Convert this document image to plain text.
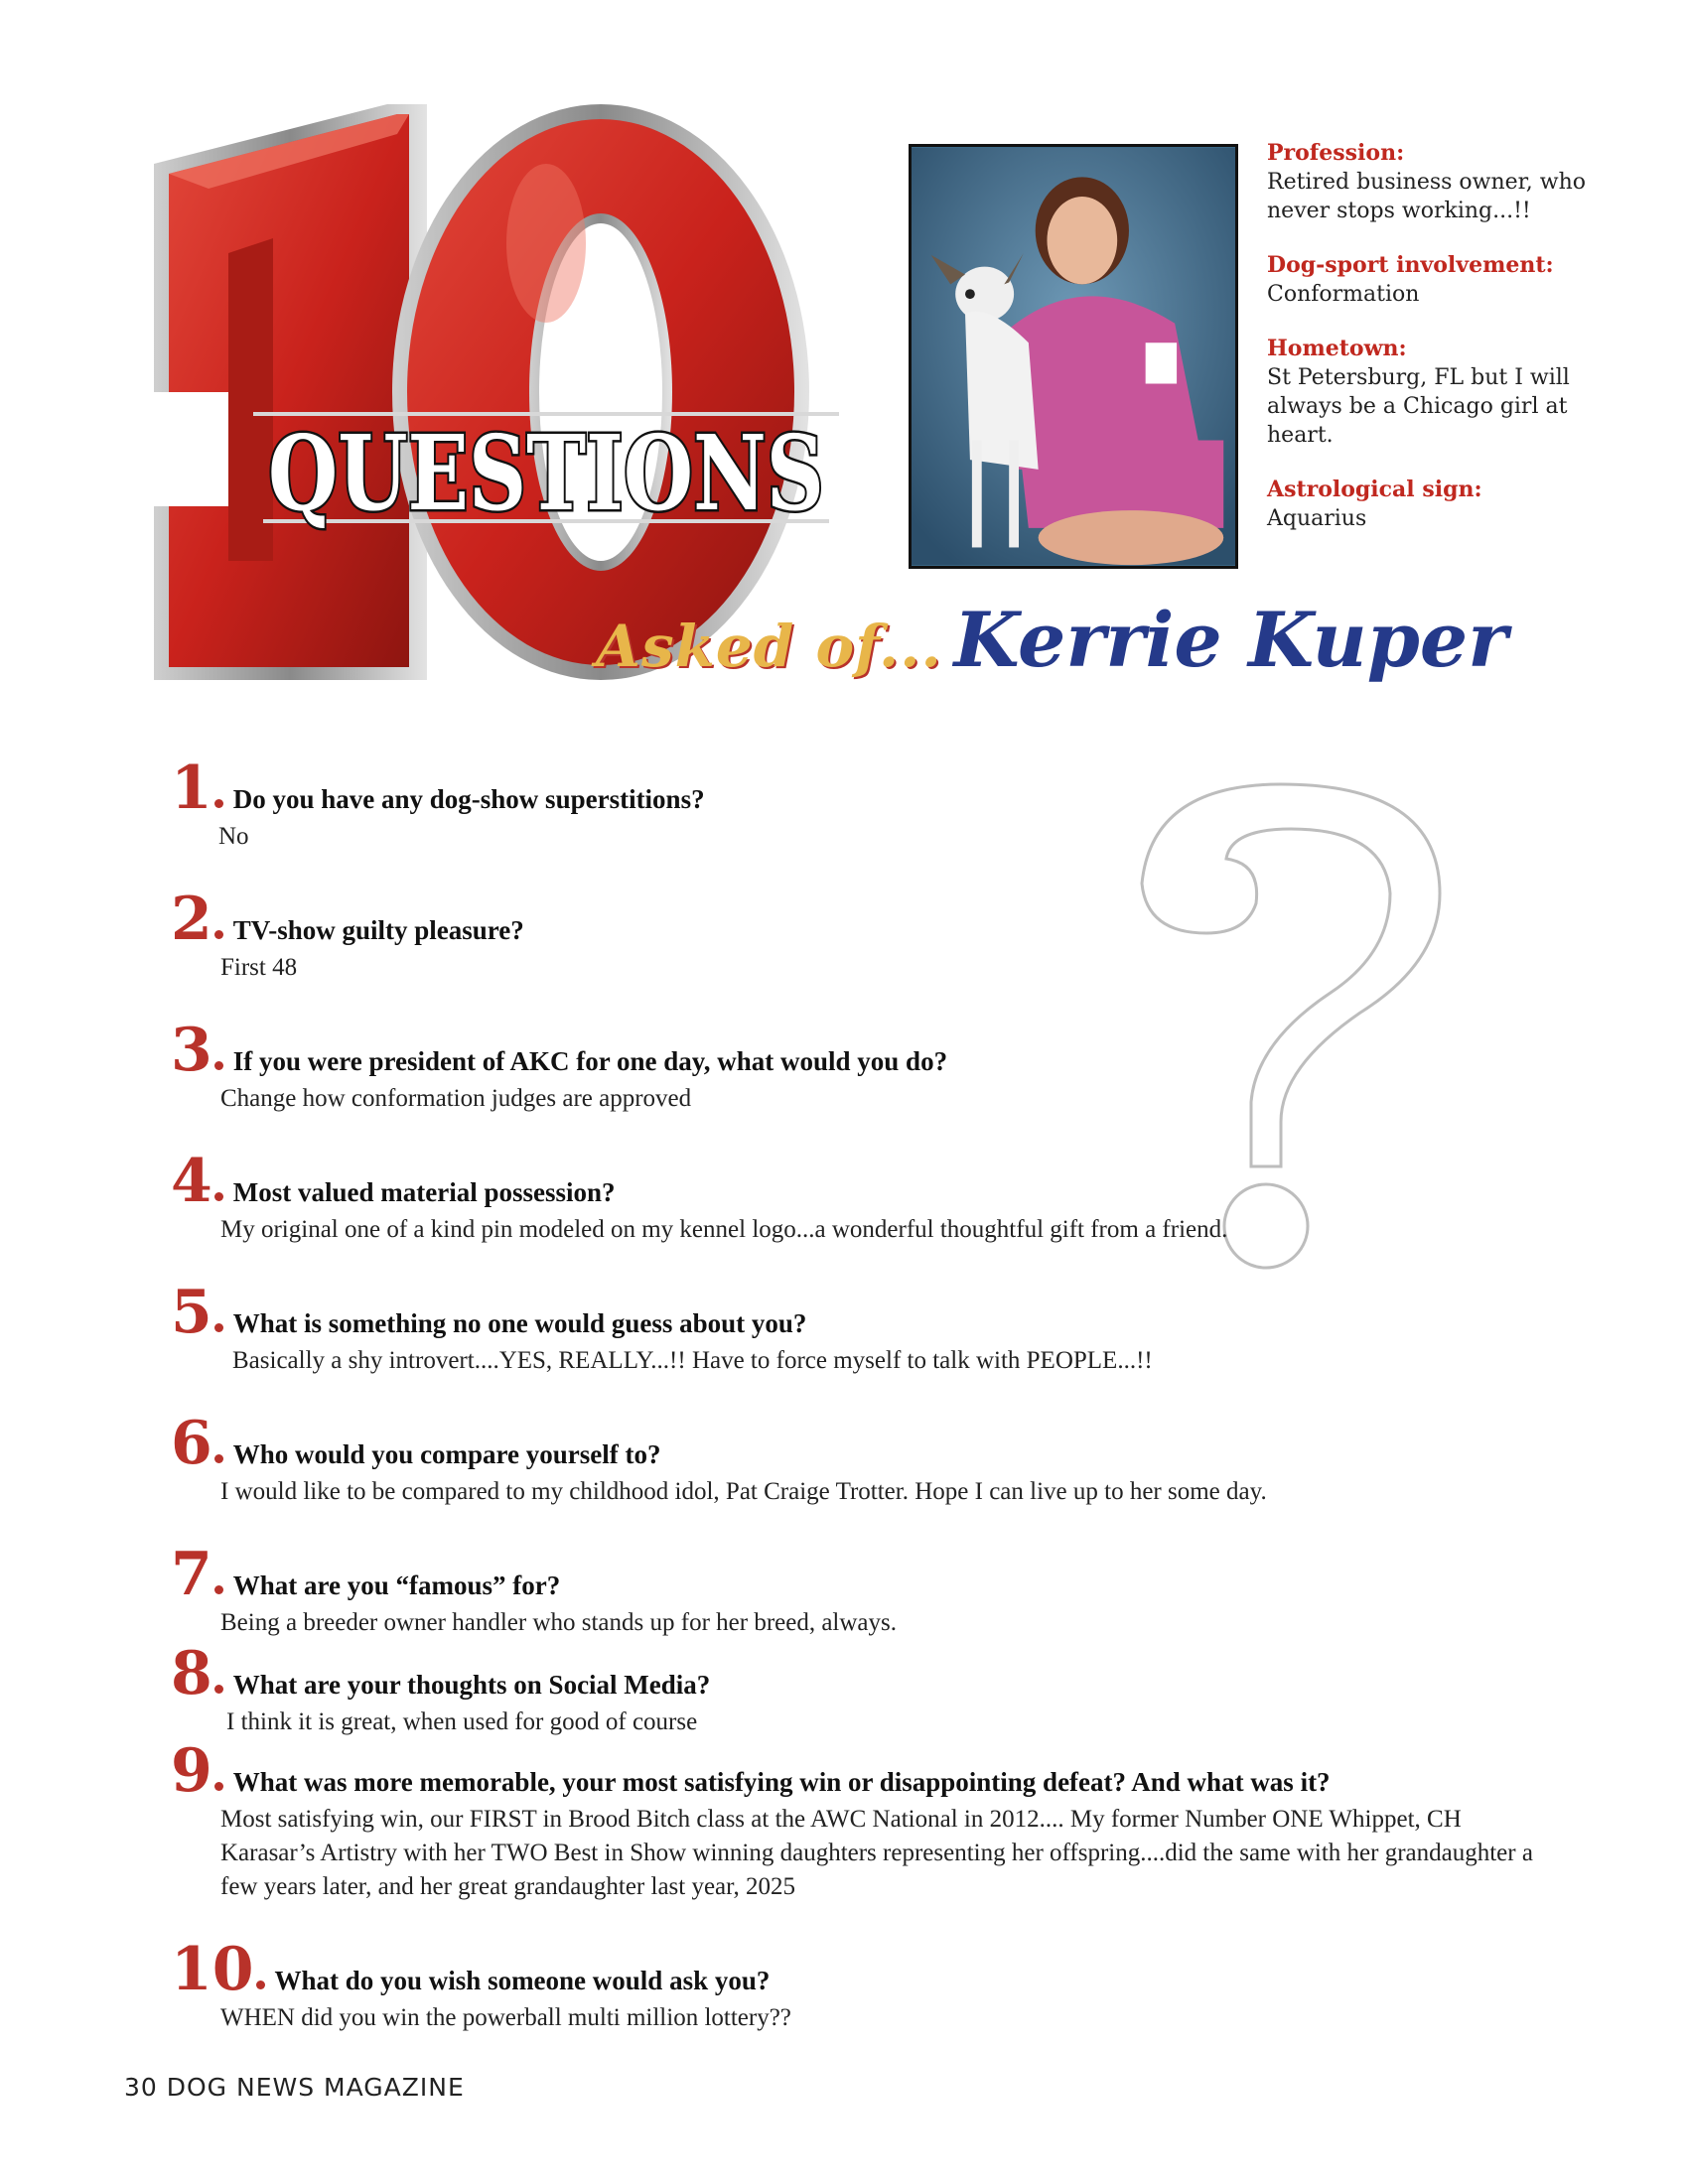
QUESTIONS
Asked of... Kerrie Kuper
Profession:
Retired business owner, who never stops working...!!
Dog-sport involvement:
Conformation
Hometown:
St Petersburg, FL but I will always be a Chicago girl at heart.
Astrological sign:
Aquarius
1 Do you have any dog-show superstitions?
No
2 TV-show guilty pleasure?
First 48
3 If you were president of AKC for one day, what would you do?
Change how conformation judges are approved
4 Most valued material possession?
My original one of a kind pin modeled on my kennel logo...a wonderful thoughtful gift from a friend.
5 What is something no one would guess about you?
Basically a shy introvert....YES, REALLY...!! Have to force myself to talk with PEOPLE...!!
6 Who would you compare yourself to?
I would like to be compared to my childhood idol, Pat Craige Trotter. Hope I can live up to her some day.
7 What are you “famous” for?
Being a breeder owner handler who stands up for her breed, always.
8 What are your thoughts on Social Media?
I think it is great, when used for good of course
9 What was more memorable, your most satisfying win or disappointing defeat? And what was it?
Most satisfying win, our FIRST in Brood Bitch class at the AWC National in 2012.... My former Number ONE Whippet, CH Karasar’s Artistry with her TWO Best in Show winning daughters representing her offspring....did the same with her grandaughter a few years later, and her great grandaughter last year, 2025
10 What do you wish someone would ask you?
WHEN did you win the powerball multi million lottery??
30 DOG NEWS MAGAZINE
